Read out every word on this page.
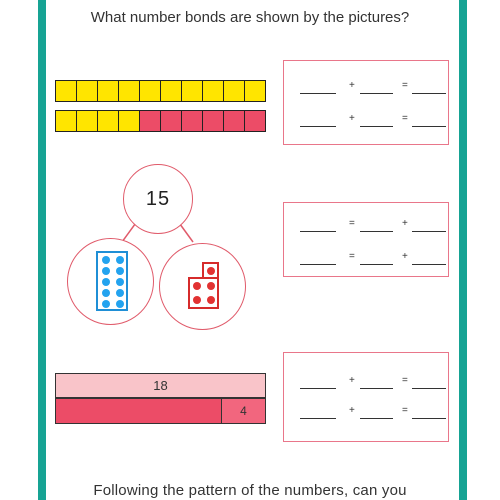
What number bonds are shown by the pictures?
+	=
+	=
15
=	+
=	+
18
4
+	=
+	=
Following the pattern of the numbers, can you
